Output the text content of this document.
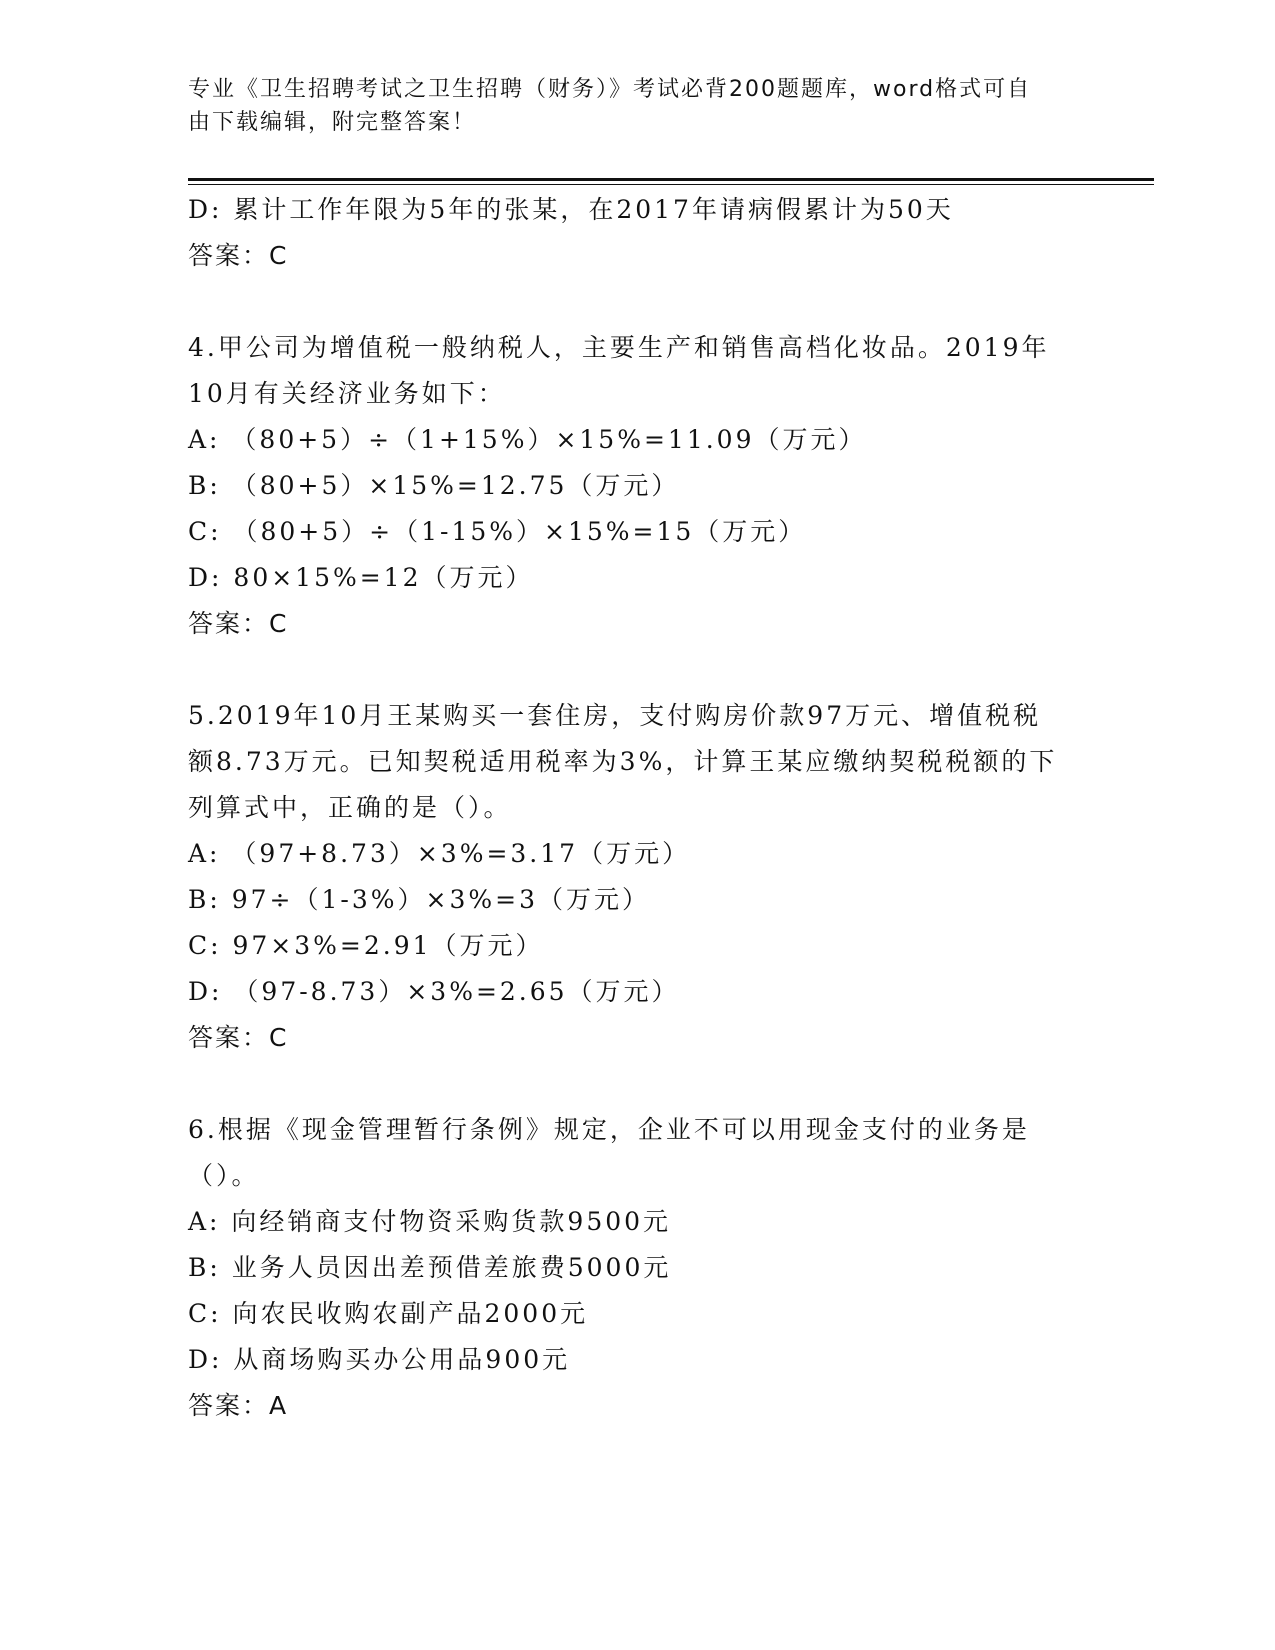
专业《卫生招聘考试之卫生招聘（财务）》考试必背200题题库，word格式可自
由下载编辑，附完整答案！
D: 累计工作年限为5年的张某，在2017年请病假累计为50天
答案：C
4.甲公司为增值税一般纳税人，主要生产和销售高档化妆品。2019年
10月有关经济业务如下：
A: （80+5）÷（1+15%）×15%=11.09（万元）
B: （80+5）×15%=12.75（万元）
C: （80+5）÷（1-15%）×15%=15（万元）
D: 80×15%=12（万元）
答案：C
5.2019年10月王某购买一套住房，支付购房价款97万元、增值税税
额8.73万元。已知契税适用税率为3%，计算王某应缴纳契税税额的下
列算式中，正确的是（）。
A: （97+8.73）×3%=3.17（万元）
B: 97÷（1-3%）×3%=3（万元）
C: 97×3%=2.91（万元）
D: （97-8.73）×3%=2.65（万元）
答案：C
6.根据《现金管理暂行条例》规定，企业不可以用现金支付的业务是
（）。
A: 向经销商支付物资采购货款9500元
B: 业务人员因出差预借差旅费5000元
C: 向农民收购农副产品2000元
D: 从商场购买办公用品900元
答案：A
